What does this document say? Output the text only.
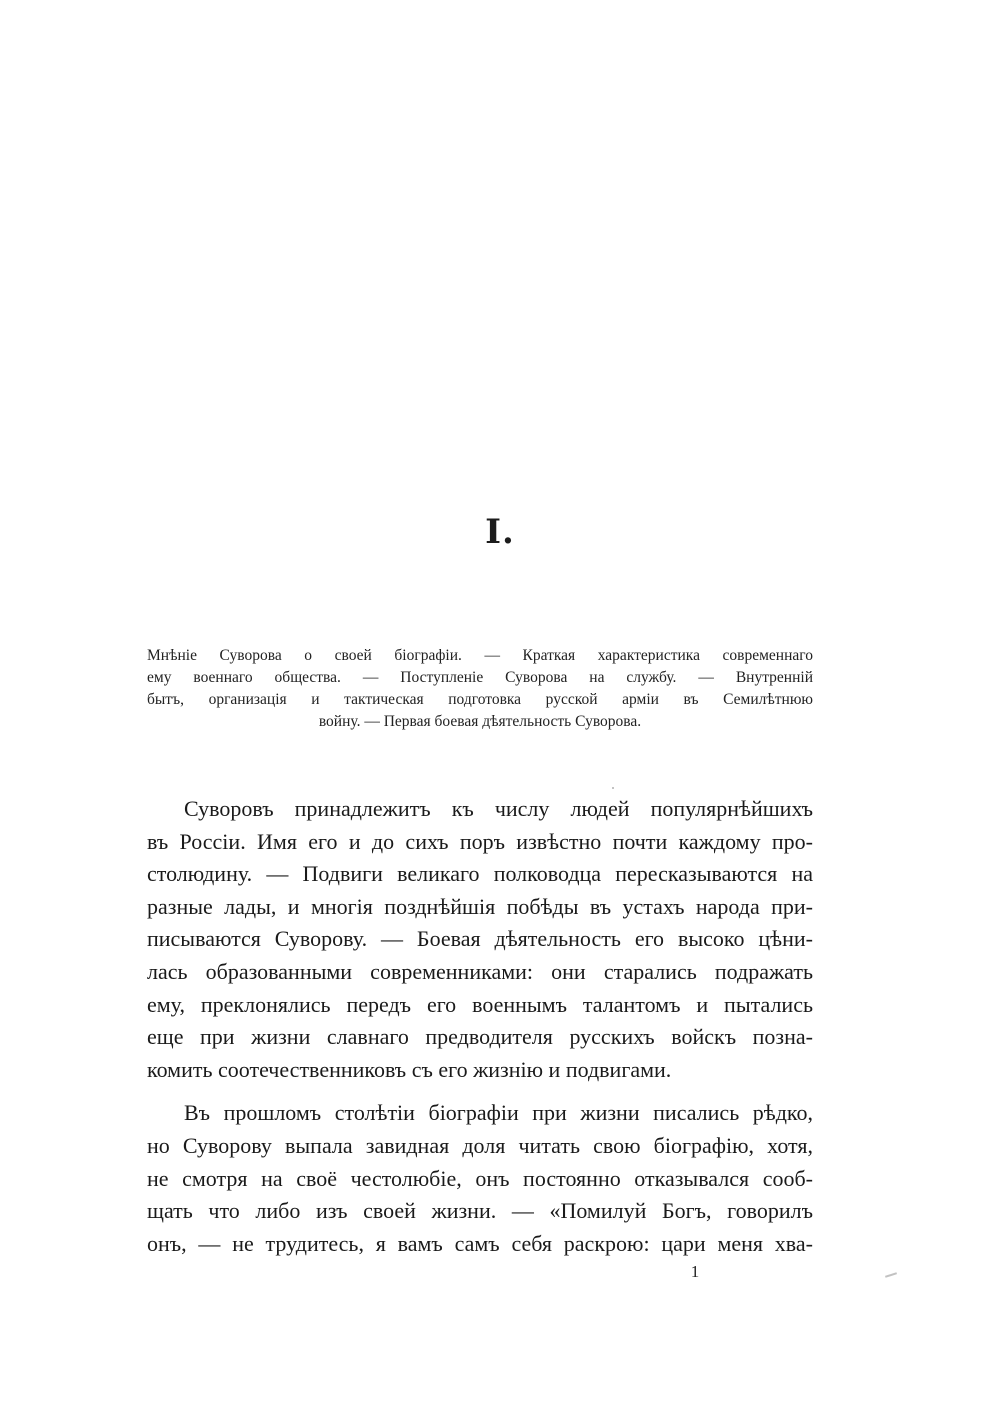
I.
Мнѣніе Суворова о своей біографіи. — Краткая характеристика современнаго
ему военнаго общества. — Поступленіе Суворова на службу. — Внутренній
бытъ, организація и тактическая подготовка русской арміи въ Семилѣтнюю
войну. — Первая боевая дѣятельность Суворова.
Суворовъ принадлежитъ къ числу людей популярнѣйшихъ
въ Россіи. Имя его и до сихъ поръ извѣстно почти каждому про-
столюдину. — Подвиги великаго полководца пересказываются на
разные лады, и многія позднѣйшія побѣды въ устахъ народа при-
писываются Суворову. — Боевая дѣятельность его высоко цѣни-
лась образованными современниками: они старались подражать
ему, преклонялись передъ его военнымъ талантомъ и пытались
еще при жизни славнаго предводителя русскихъ войскъ позна-
комить соотечественниковъ съ его жизнію и подвигами.
Въ прошломъ столѣтіи біографіи при жизни писались рѣдко,
но Суворову выпала завидная доля читать свою біографію, хотя,
не смотря на своё честолюбіе, онъ постоянно отказывался сооб-
щать что либо изъ своей жизни. — «Помилуй Богъ, говорилъ
онъ, — не трудитесь, я вамъ самъ себя раскрою: цари меня хва-
1
